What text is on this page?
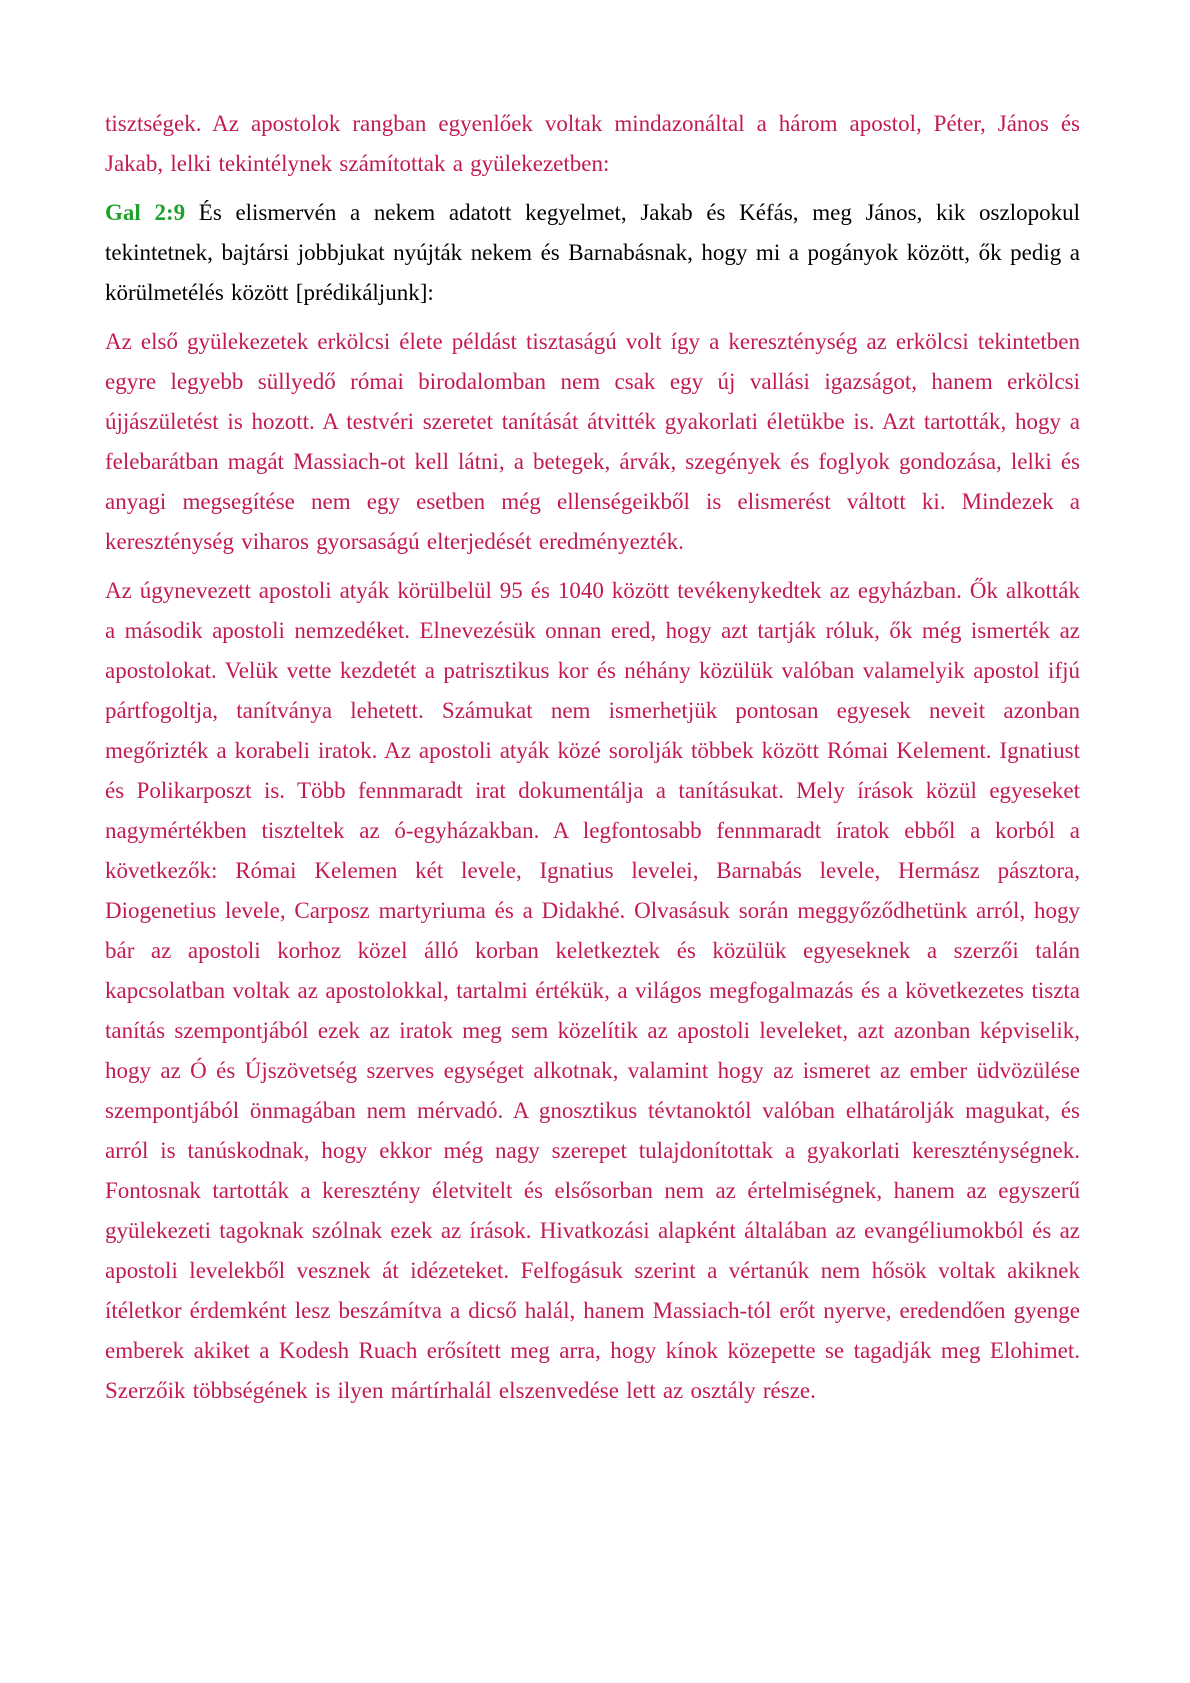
tisztségek. Az apostolok rangban egyenlőek voltak mindazonáltal a három apostol, Péter, János és Jakab, lelki tekintélynek számítottak a gyülekezetben:

Gal 2:9 És elismervén a nekem adatott kegyelmet, Jakab és Kéfás, meg János, kik oszlopokul tekintetnek, bajtársi jobbjukat nyújták nekem és Barnabásnak, hogy mi a pogányok között, ők pedig a körülmetélés között [prédikáljunk]:

Az első gyülekezetek erkölcsi élete példást tisztaságú volt így a kereszténység az erkölcsi tekintetben egyre legyebb süllyedő római birodalomban nem csak egy új vallási igazságot, hanem erkölcsi újjászületést is hozott. A testvéri szeretet tanítását átvitték gyakorlati életükbe is. Azt tartották, hogy a felebarátban magát Massiach-ot kell látni, a betegek, árvák, szegények és foglyok gondozása, lelki és anyagi megsegítése nem egy esetben még ellenségeikből is elismerést váltott ki. Mindezek a kereszténység viharos gyorsaságú elterjedését eredményezték.

Az úgynevezett apostoli atyák körülbelül 95 és 1040 között tevékenykedtek az egyházban. Ők alkották a második apostoli nemzedéket. Elnevezésük onnan ered, hogy azt tartják róluk, ők még ismerték az apostolokat. Velük vette kezdetét a patrisztikus kor és néhány közülük valóban valamelyik apostol ifjú pártfogoltja, tanítványa lehetett. Számukat nem ismerhetjük pontosan egyesek neveit azonban megőrizték a korabeli iratok. Az apostoli atyák közé sorolják többek között Római Kelement. Ignatiust és Polikarposzt is. Több fennmaradt irat dokumentálja a tanításukat. Mely írások közül egyeseket nagymértékben tiszteltek az ó-egyházakban. A legfontosabb fennmaradt íratok ebből a korból a következők: Római Kelemen két levele, Ignatius levelei, Barnabás levele, Hermász pásztora, Diogenetius levele, Carposz martyriuma és a Didakhé. Olvasásuk során meggyőződhetünk arról, hogy bár az apostoli korhoz közel álló korban keletkeztek és közülük egyeseknek a szerzői talán kapcsolatban voltak az apostolokkal, tartalmi értékük, a világos megfogalmazás és a következetes tiszta tanítás szempontjából ezek az iratok meg sem közelítik az apostoli leveleket, azt azonban képviselik, hogy az Ó és Újszövetség szerves egységet alkotnak, valamint hogy az ismeret az ember üdvözülése szempontjából önmagában nem mérvadó. A gnosztikus tévtanoktól valóban elhatárolják magukat, és arról is tanúskodnak, hogy ekkor még nagy szerepet tulajdonítottak a gyakorlati kereszténységnek. Fontosnak tartották a keresztény életvitelt és elsősorban nem az értelmiségnek, hanem az egyszerű gyülekezeti tagoknak szólnak ezek az írások. Hivatkozási alapként általában az evangéliumokból és az apostoli levelekből vesznek át idézeteket. Felfogásuk szerint a vértanúk nem hősök voltak akiknek ítéletkor érdemként lesz beszámítva a dicső halál, hanem Massiach-tól erőt nyerve, eredendően gyenge emberek akiket a Kodesh Ruach erősített meg arra, hogy kínok közepette se tagadják meg Elohimet. Szerzőik többségének is ilyen mártírhalál elszenvedése lett az osztály része.
